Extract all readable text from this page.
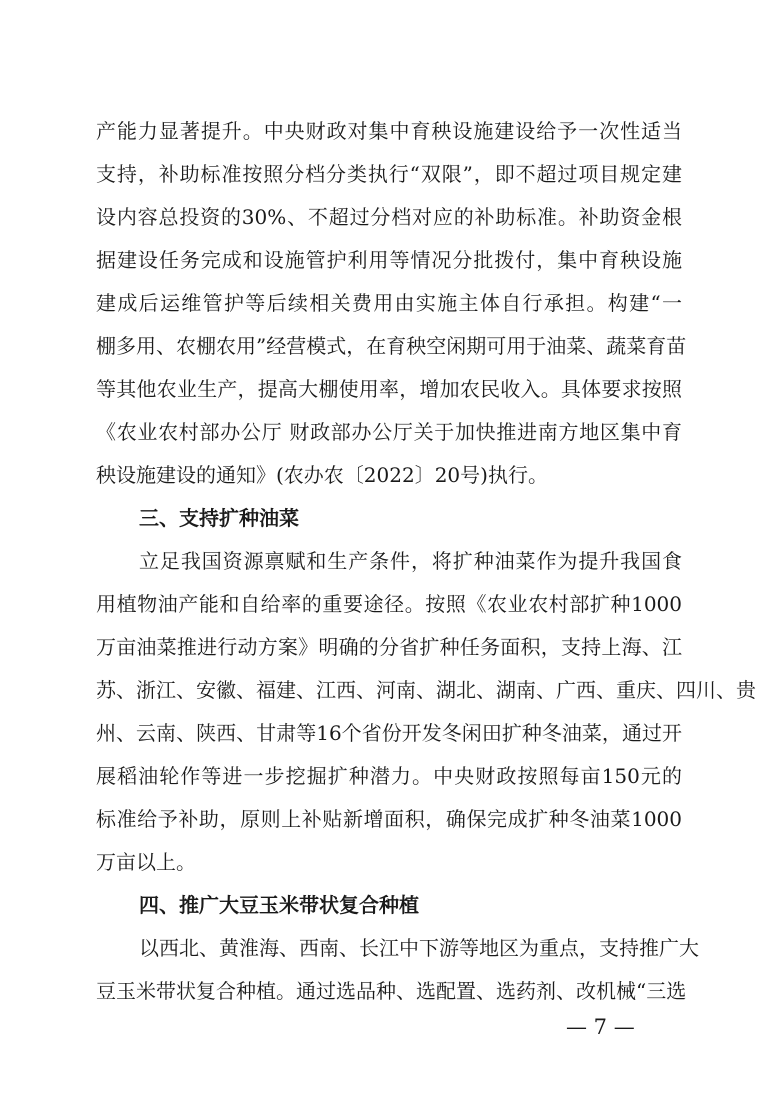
产能力显著提升。中央财政对集中育秧设施建设给予一次性适当
支持，补助标准按照分档分类执行“双限”，即不超过项目规定建
设内容总投资的30%、不超过分档对应的补助标准。补助资金根
据建设任务完成和设施管护利用等情况分批拨付，集中育秧设施
建成后运维管护等后续相关费用由实施主体自行承担。构建“一
棚多用、农棚农用”经营模式，在育秧空闲期可用于油菜、蔬菜育苗
等其他农业生产，提高大棚使用率，增加农民收入。具体要求按照
《农业农村部办公厅 财政部办公厅关于加快推进南方地区集中育
秧设施建设的通知》(农办农〔2022〕20号)执行。
三、支持扩种油菜
立足我国资源禀赋和生产条件，将扩种油菜作为提升我国食
用植物油产能和自给率的重要途径。按照《农业农村部扩种1000
万亩油菜推进行动方案》明确的分省扩种任务面积，支持上海、江
苏、浙江、安徽、福建、江西、河南、湖北、湖南、广西、重庆、四川、贵
州、云南、陕西、甘肃等16个省份开发冬闲田扩种冬油菜，通过开
展稻油轮作等进一步挖掘扩种潜力。中央财政按照每亩150元的
标准给予补助，原则上补贴新增面积，确保完成扩种冬油菜1000
万亩以上。
四、推广大豆玉米带状复合种植
以西北、黄淮海、西南、长江中下游等地区为重点，支持推广大
豆玉米带状复合种植。通过选品种、选配置、选药剂、改机械“三选
— 7 —
